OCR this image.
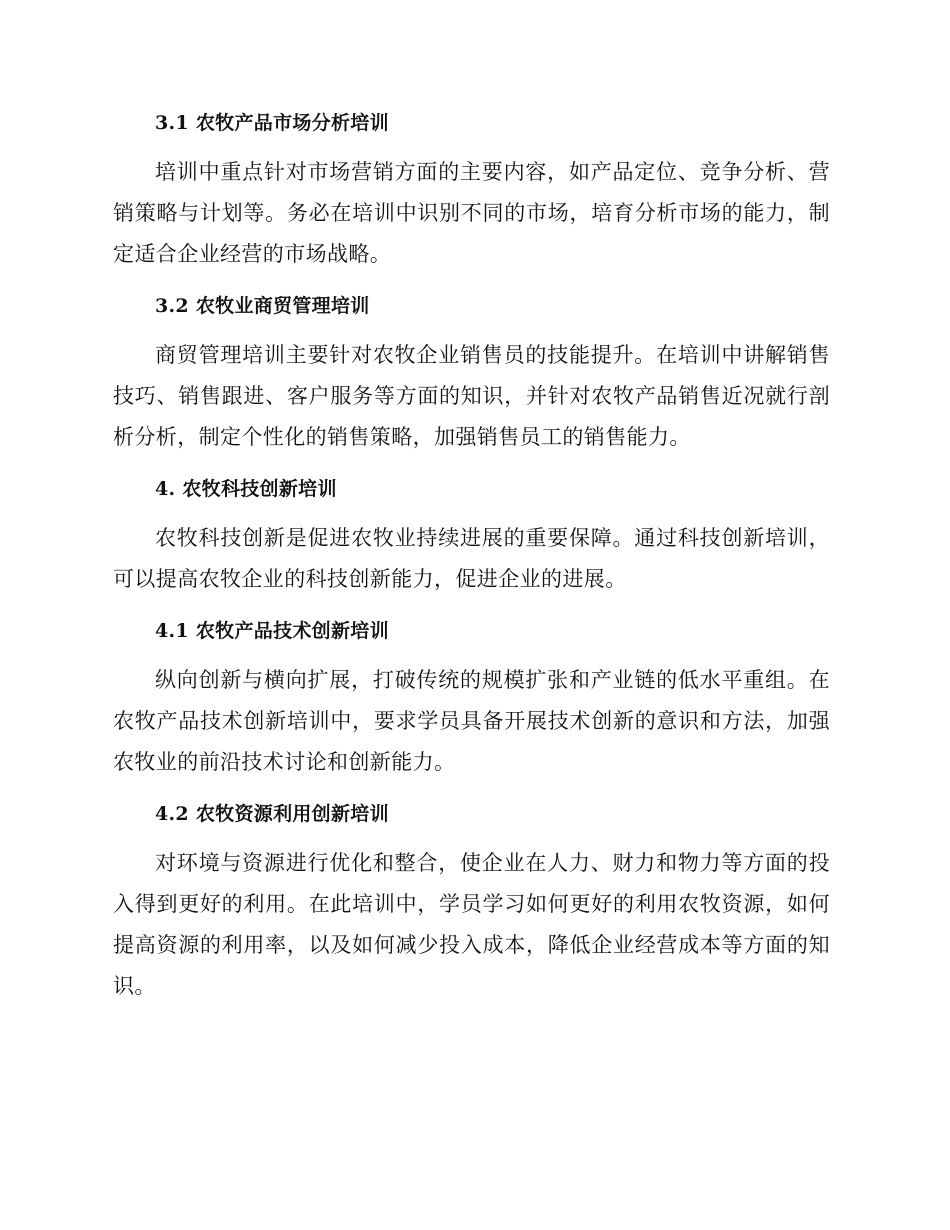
3.1 农牧产品市场分析培训

培训中重点针对市场营销方面的主要内容，如产品定位、竞争分析、营销策略与计划等。务必在培训中识别不同的市场，培育分析市场的能力，制定适合企业经营的市场战略。

3.2 农牧业商贸管理培训

商贸管理培训主要针对农牧企业销售员的技能提升。在培训中讲解销售技巧、销售跟进、客户服务等方面的知识，并针对农牧产品销售近况就行剖析分析，制定个性化的销售策略，加强销售员工的销售能力。

4. 农牧科技创新培训

农牧科技创新是促进农牧业持续进展的重要保障。通过科技创新培训，可以提高农牧企业的科技创新能力，促进企业的进展。

4.1 农牧产品技术创新培训

纵向创新与横向扩展，打破传统的规模扩张和产业链的低水平重组。在农牧产品技术创新培训中，要求学员具备开展技术创新的意识和方法，加强农牧业的前沿技术讨论和创新能力。

4.2 农牧资源利用创新培训

对环境与资源进行优化和整合，使企业在人力、财力和物力等方面的投入得到更好的利用。在此培训中，学员学习如何更好的利用农牧资源，如何提高资源的利用率，以及如何减少投入成本，降低企业经营成本等方面的知识。
